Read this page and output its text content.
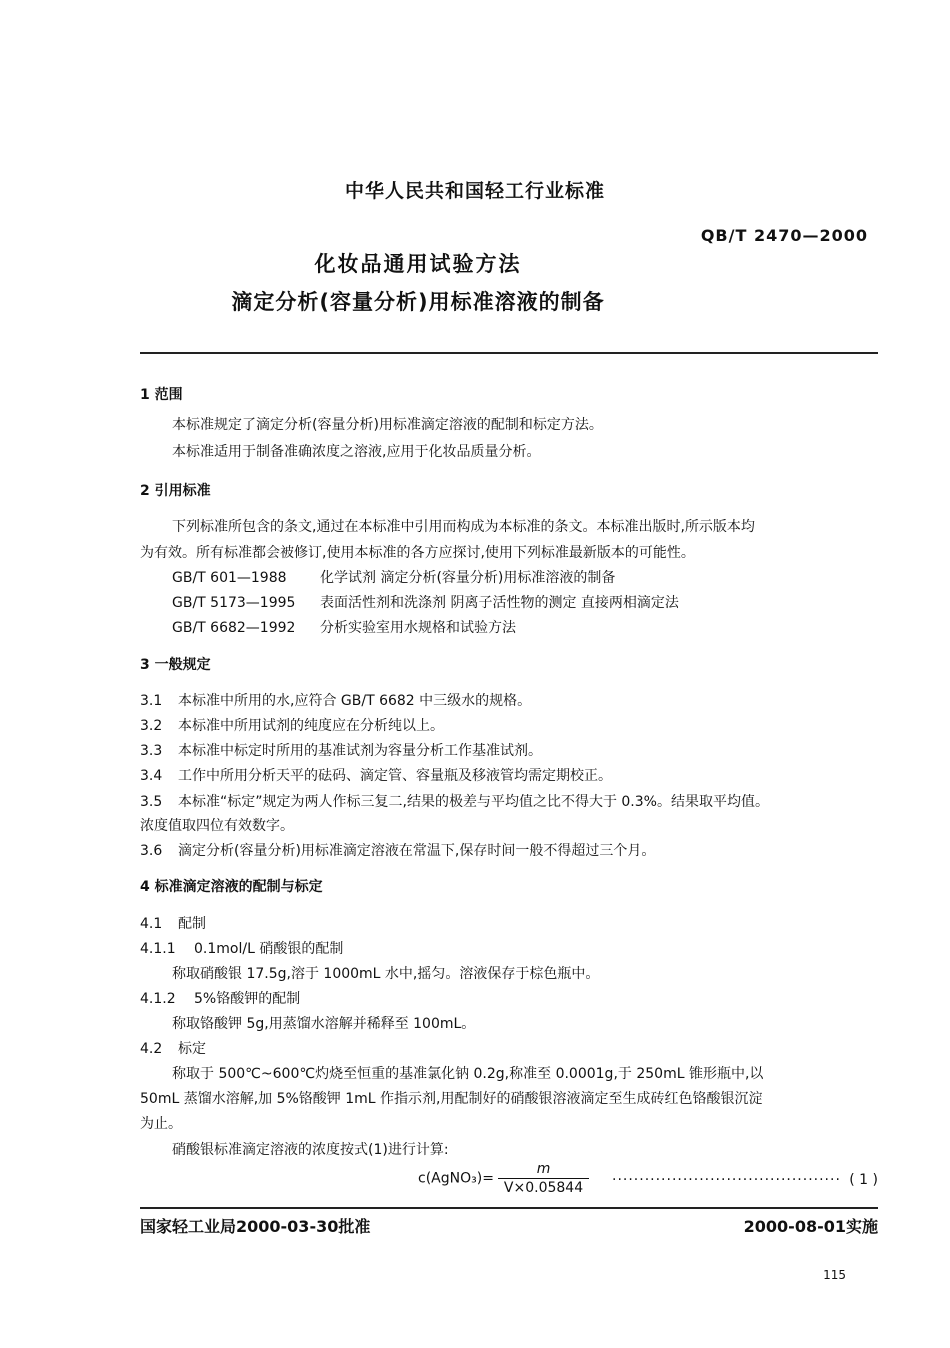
中华人民共和国轻工行业标准
QB/T 2470—2000
化妆品通用试验方法
滴定分析(容量分析)用标准溶液的制备
1 范围
本标准规定了滴定分析(容量分析)用标准滴定溶液的配制和标定方法。
本标准适用于制备准确浓度之溶液,应用于化妆品质量分析。
2 引用标准
下列标准所包含的条文,通过在本标准中引用而构成为本标准的条文。本标准出版时,所示版本均
为有效。所有标准都会被修订,使用本标准的各方应探讨,使用下列标准最新版本的可能性。
GB/T 601—1988 化学试剂 滴定分析(容量分析)用标准溶液的制备
GB/T 5173—1995 表面活性剂和洗涤剂 阴离子活性物的测定 直接两相滴定法
GB/T 6682—1992 分析实验室用水规格和试验方法
3 一般规定
3.1 本标准中所用的水,应符合 GB/T 6682 中三级水的规格。
3.2 本标准中所用试剂的纯度应在分析纯以上。
3.3 本标准中标定时所用的基准试剂为容量分析工作基准试剂。
3.4 工作中所用分析天平的砝码、滴定管、容量瓶及移液管均需定期校正。
3.5 本标准“标定”规定为两人作标三复二,结果的极差与平均值之比不得大于 0.3%。结果取平均值。
浓度值取四位有效数字。
3.6 滴定分析(容量分析)用标准滴定溶液在常温下,保存时间一般不得超过三个月。
4 标准滴定溶液的配制与标定
4.1 配制
4.1.1 0.1mol/L 硝酸银的配制
称取硝酸银 17.5g,溶于 1000mL 水中,摇匀。溶液保存于棕色瓶中。
4.1.2 5%铬酸钾的配制
称取铬酸钾 5g,用蒸馏水溶解并稀释至 100mL。
4.2 标定
称取于 500℃~600℃灼烧至恒重的基准氯化钠 0.2g,称准至 0.0001g,于 250mL 锥形瓶中,以
50mL 蒸馏水溶解,加 5%铬酸钾 1mL 作指示剂,用配制好的硝酸银溶液滴定至生成砖红色铬酸银沉淀
为止。
硝酸银标准滴定溶液的浓度按式(1)进行计算:
c(AgNO₃)= $\frac{m}{V\times 0.05844}$ ·········································· ( 1 )
国家轻工业局2000-03-30批准	2000-08-01实施
115
